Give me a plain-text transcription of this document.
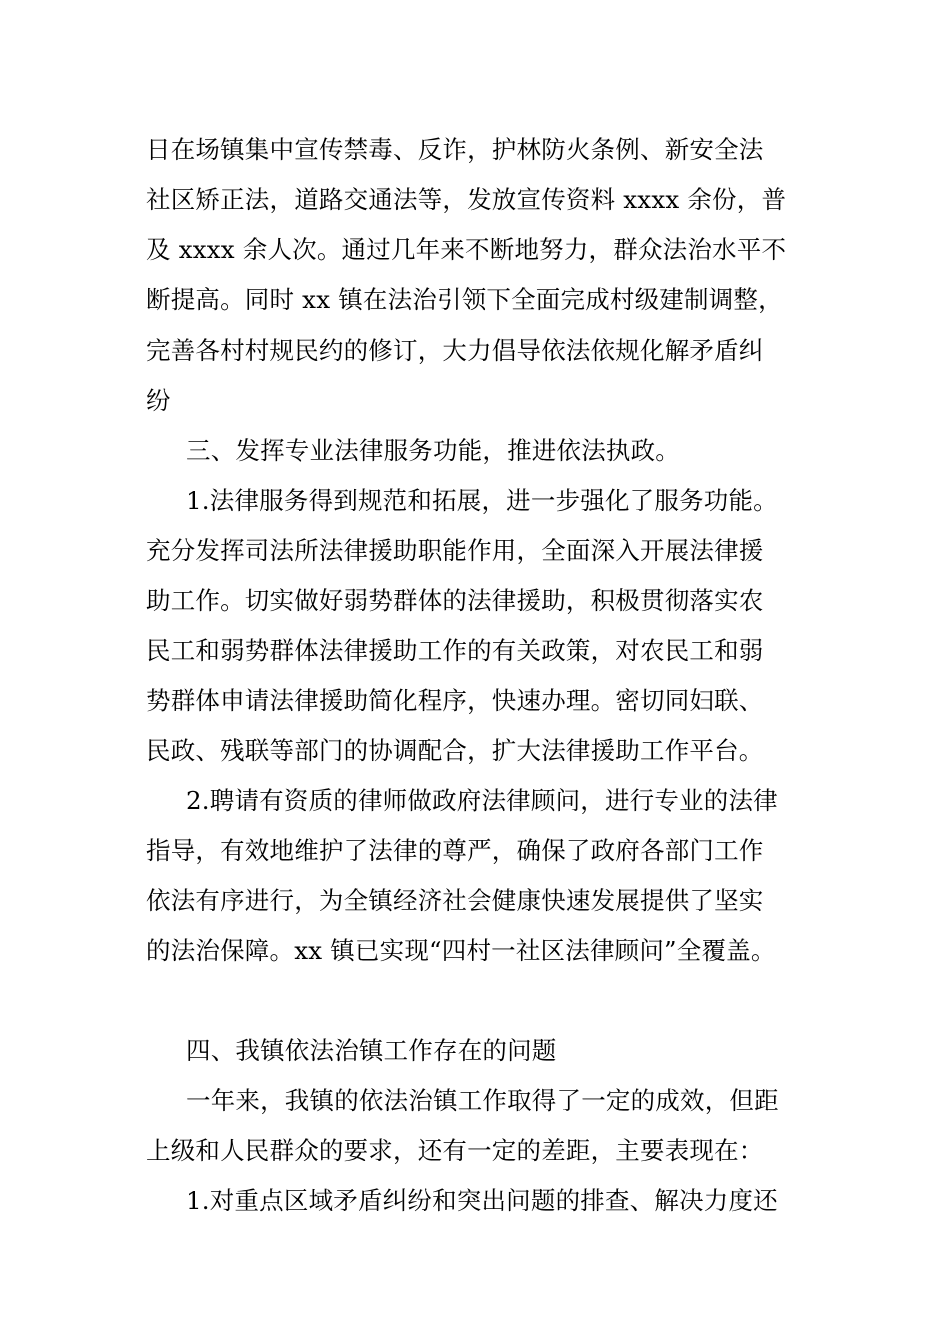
日在场镇集中宣传禁毒、反诈，护林防火条例、新安全法
社区矫正法，道路交通法等，发放宣传资料 xxxx 余份，普
及 xxxx 余人次。通过几年来不断地努力，群众法治水平不
断提高。同时 xx 镇在法治引领下全面完成村级建制调整，
完善各村村规民约的修订，大力倡导依法依规化解矛盾纠
纷
三、发挥专业法律服务功能，推进依法执政。
1.法律服务得到规范和拓展，进一步强化了服务功能。
充分发挥司法所法律援助职能作用，全面深入开展法律援
助工作。切实做好弱势群体的法律援助，积极贯彻落实农
民工和弱势群体法律援助工作的有关政策，对农民工和弱
势群体申请法律援助简化程序，快速办理。密切同妇联、
民政、残联等部门的协调配合，扩大法律援助工作平台。
2.聘请有资质的律师做政府法律顾问，进行专业的法律
指导，有效地维护了法律的尊严，确保了政府各部门工作
依法有序进行，为全镇经济社会健康快速发展提供了坚实
的法治保障。xx 镇已实现“四村一社区法律顾问”全覆盖。
四、我镇依法治镇工作存在的问题
一年来，我镇的依法治镇工作取得了一定的成效，但距
上级和人民群众的要求，还有一定的差距，主要表现在：
1.对重点区域矛盾纠纷和突出问题的排查、解决力度还
